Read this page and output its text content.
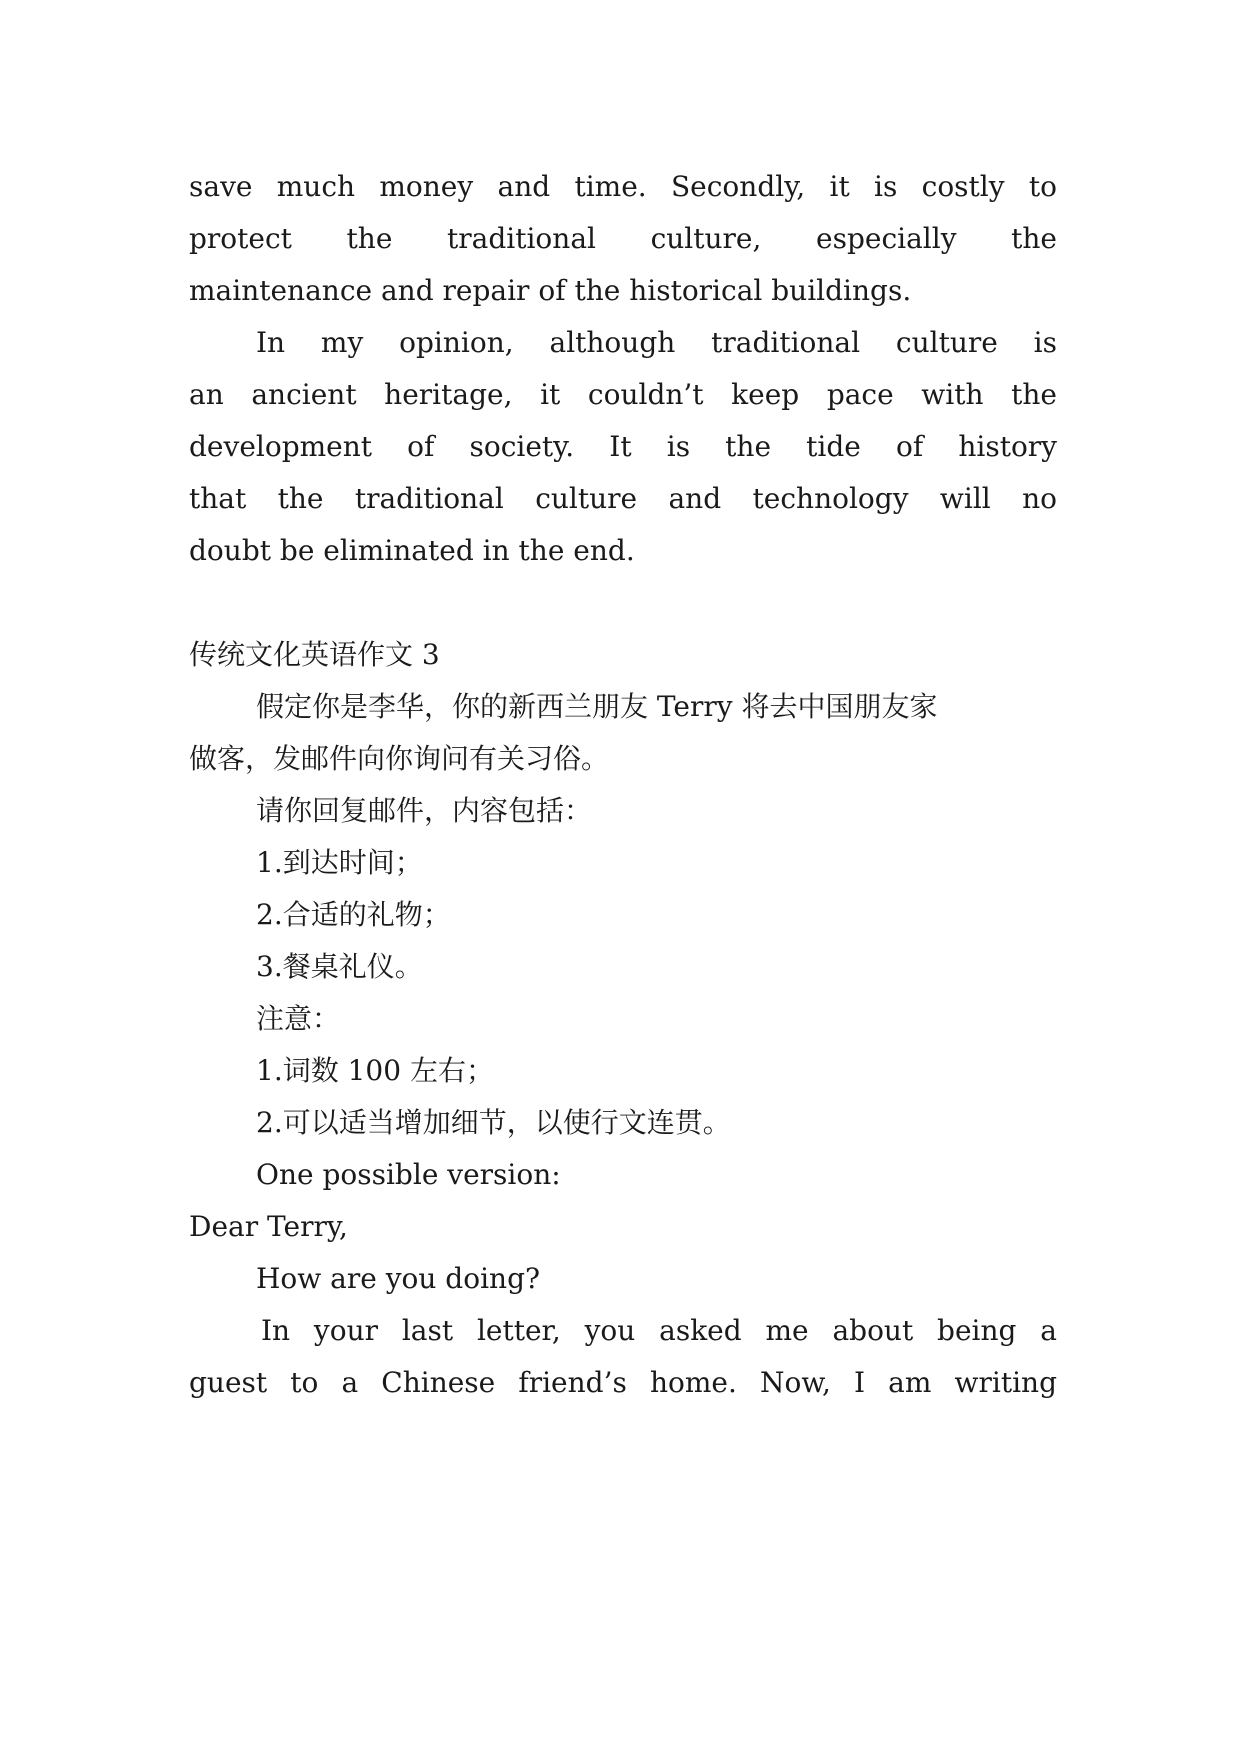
save much money and time. Secondly, it is costly to
protect the traditional culture, especially the
maintenance and repair of the historical buildings.
In my opinion, although traditional culture is
an ancient heritage, it couldn’t keep pace with the
development of society. It is the tide of history
that the traditional culture and technology will no
doubt be eliminated in the end.
传统文化英语作文 3
假定你是李华，你的新西兰朋友 Terry 将去中国朋友家
做客，发邮件向你询问有关习俗。
请你回复邮件，内容包括：
1.到达时间；
2.合适的礼物；
3.餐桌礼仪。
注意：
1.词数 100 左右；
2.可以适当增加细节，以使行文连贯。
One possible version:
Dear Terry,
How are you doing?
In your last letter, you asked me about being a
guest to a Chinese friend’s home. Now, I am writing
